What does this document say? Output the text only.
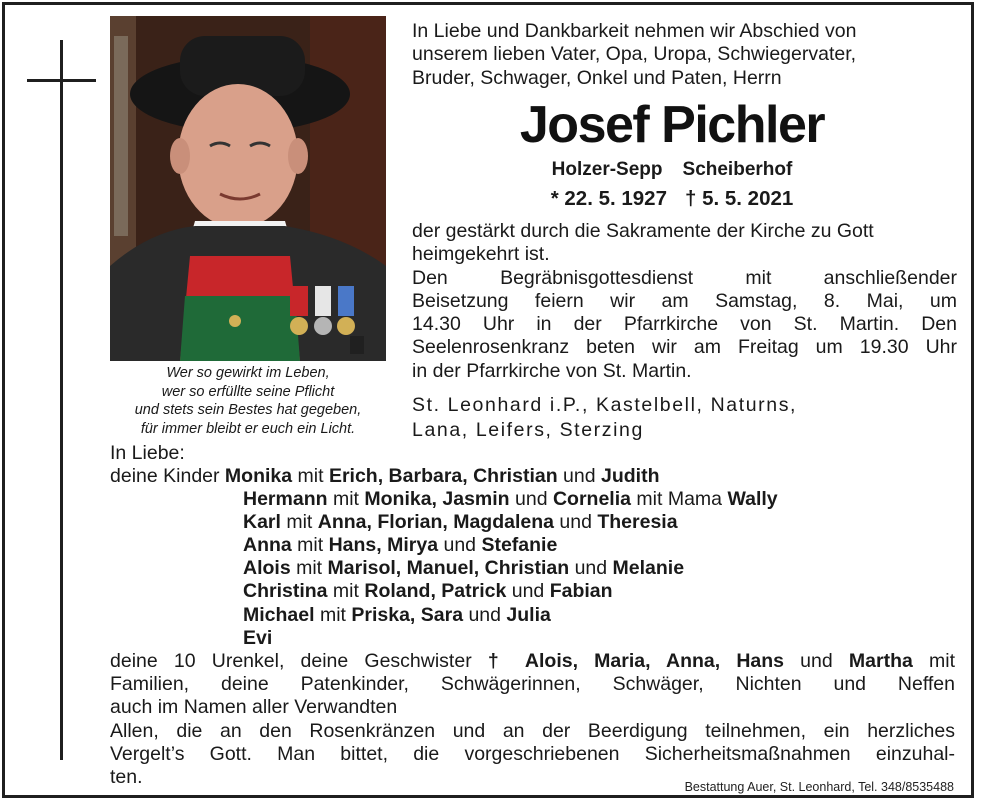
Wer so gewirkt im Leben,
wer so erfüllte seine Pflicht
und stets sein Bestes hat gegeben,
für immer bleibt er euch ein Licht.
In Liebe und Dankbarkeit nehmen wir Abschied von
unserem lieben Vater, Opa, Uropa, Schwiegervater,
Bruder, Schwager, Onkel und Paten, Herrn
Josef Pichler
Holzer-Sepp Scheiberhof
* 22. 5. 1927 † 5. 5. 2021
der gestärkt durch die Sakramente der Kirche zu Gott
heimgekehrt ist.
Den Begräbnisgottesdienst mit anschließender
Beisetzung feiern wir am Samstag, 8. Mai, um
14.30 Uhr in der Pfarrkirche von St. Martin. Den
Seelenrosenkranz beten wir am Freitag um 19.30 Uhr
in der Pfarrkirche von St. Martin.
St. Leonhard i.P., Kastelbell, Naturns,
Lana, Leifers, Sterzing
In Liebe:
deine Kinder Monika mit Erich, Barbara, Christian und Judith
Hermann mit Monika, Jasmin und Cornelia mit Mama Wally
Karl mit Anna, Florian, Magdalena und Theresia
Anna mit Hans, Mirya und Stefanie
Alois mit Marisol, Manuel, Christian und Melanie
Christina mit Roland, Patrick und Fabian
Michael mit Priska, Sara und Julia
Evi
deine 10 Urenkel, deine Geschwister † Alois, Maria, Anna, Hans und Martha mit
Familien, deine Patenkinder, Schwägerinnen, Schwäger, Nichten und Neffen
auch im Namen aller Verwandten
Allen, die an den Rosenkränzen und an der Beerdigung teilnehmen, ein herzliches
Vergelt’s Gott. Man bittet, die vorgeschriebenen Sicherheitsmaßnahmen einzuhal-
ten.	Bestattung Auer, St. Leonhard, Tel. 348/8535488
